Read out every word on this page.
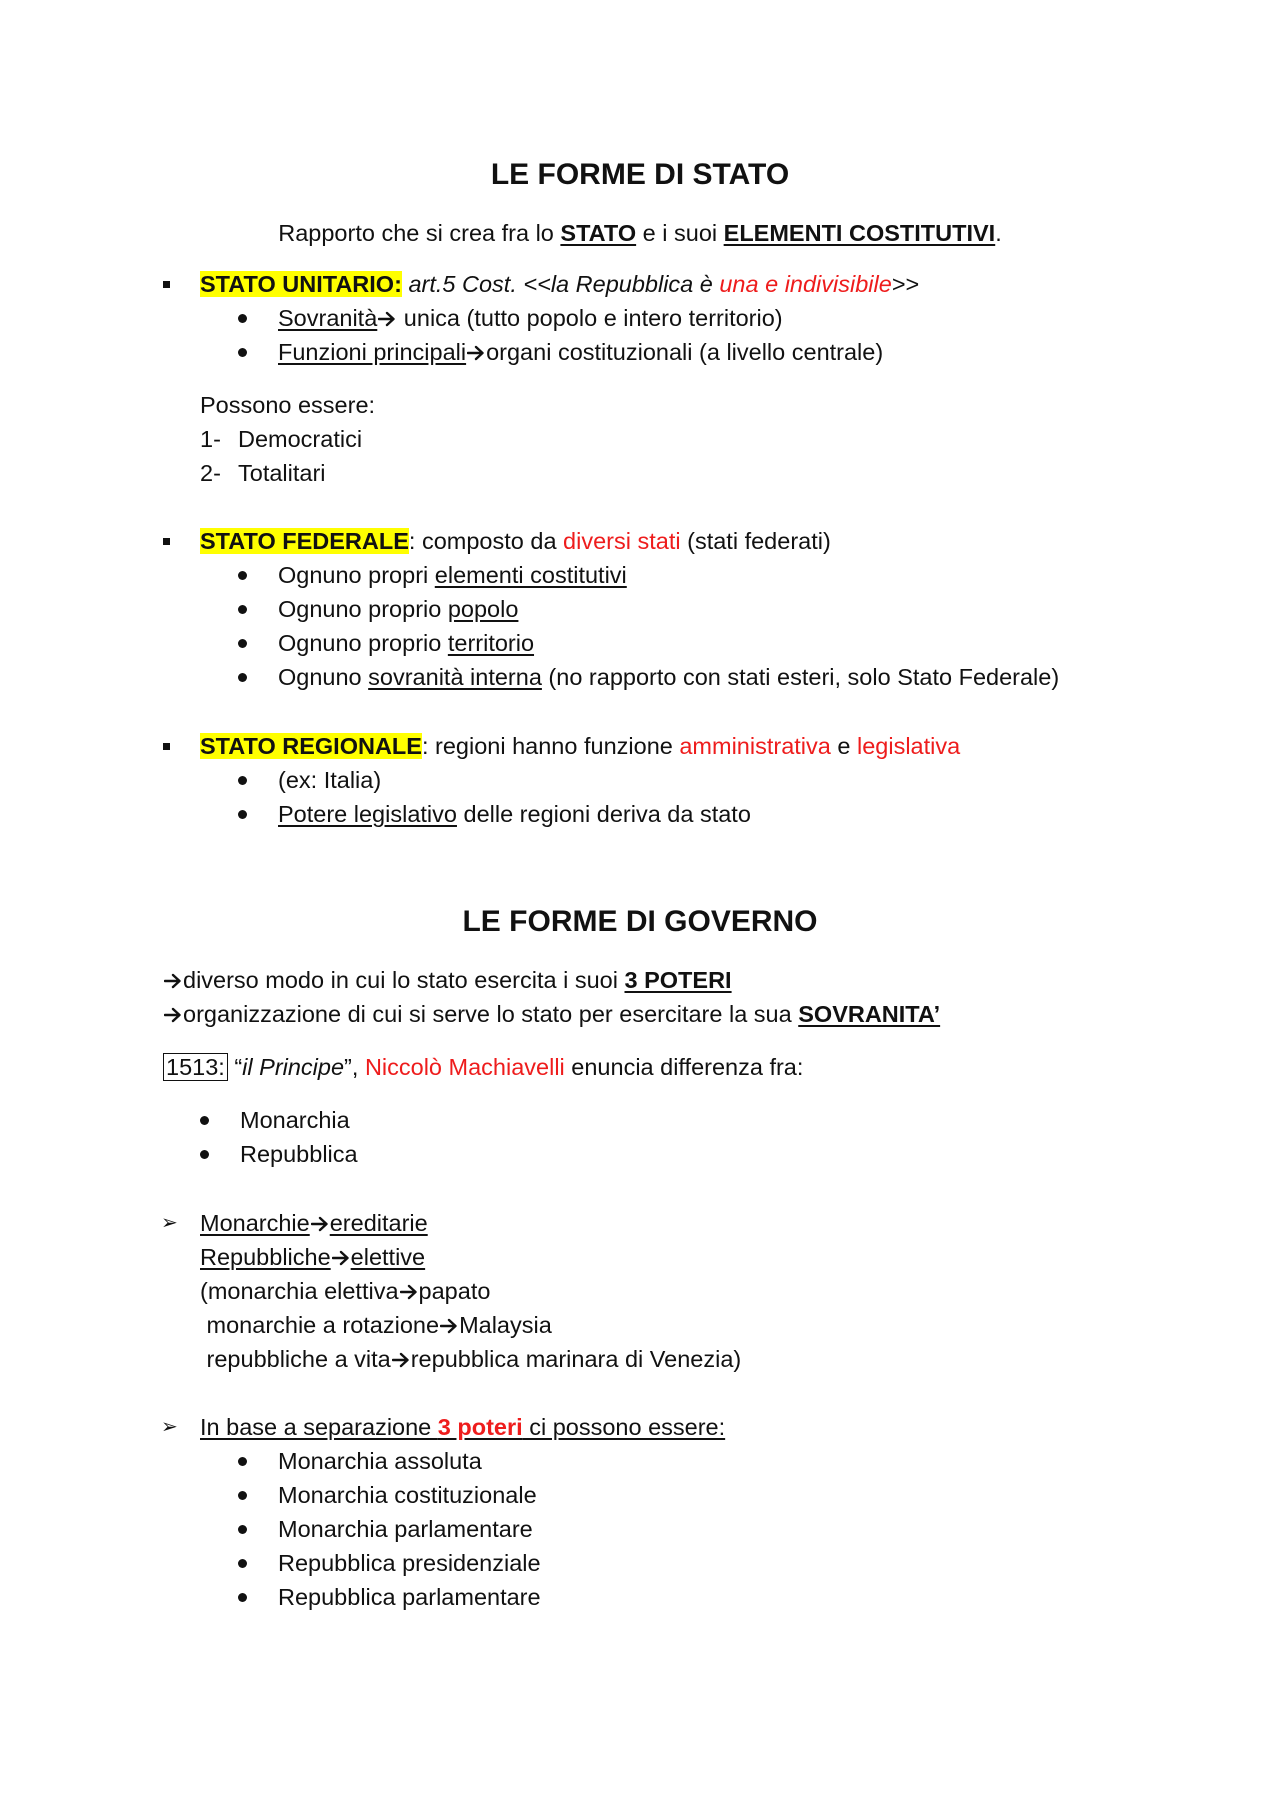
LE FORME DI STATO
Rapporto che si crea fra lo STATO e i suoi ELEMENTI COSTITUTIVI.
STATO UNITARIO: art.5 Cost. <<la Repubblica è una e indivisibile>>
Sovranità unica (tutto popolo e intero territorio)
Funzioni principali organi costituzionali (a livello centrale)
Possono essere:
1- Democratici
2- Totalitari
STATO FEDERALE: composto da diversi stati (stati federati)
Ognuno propri elementi costitutivi
Ognuno proprio popolo
Ognuno proprio territorio
Ognuno sovranità interna (no rapporto con stati esteri, solo Stato Federale)
STATO REGIONALE: regioni hanno funzione amministrativa e legislativa
(ex: Italia)
Potere legislativo delle regioni deriva da stato
LE FORME DI GOVERNO
diverso modo in cui lo stato esercita i suoi 3 POTERI
organizzazione di cui si serve lo stato per esercitare la sua SOVRANITA’
1513: “il Principe”, Niccolò Machiavelli enuncia differenza fra:
Monarchia
Repubblica
➢ Monarchie ereditarie
Repubbliche elettive
(monarchia elettiva papato
monarchie a rotazione Malaysia
repubbliche a vita repubblica marinara di Venezia)
➢ In base a separazione 3 poteri ci possono essere:
Monarchia assoluta
Monarchia costituzionale
Monarchia parlamentare
Repubblica presidenziale
Repubblica parlamentare
